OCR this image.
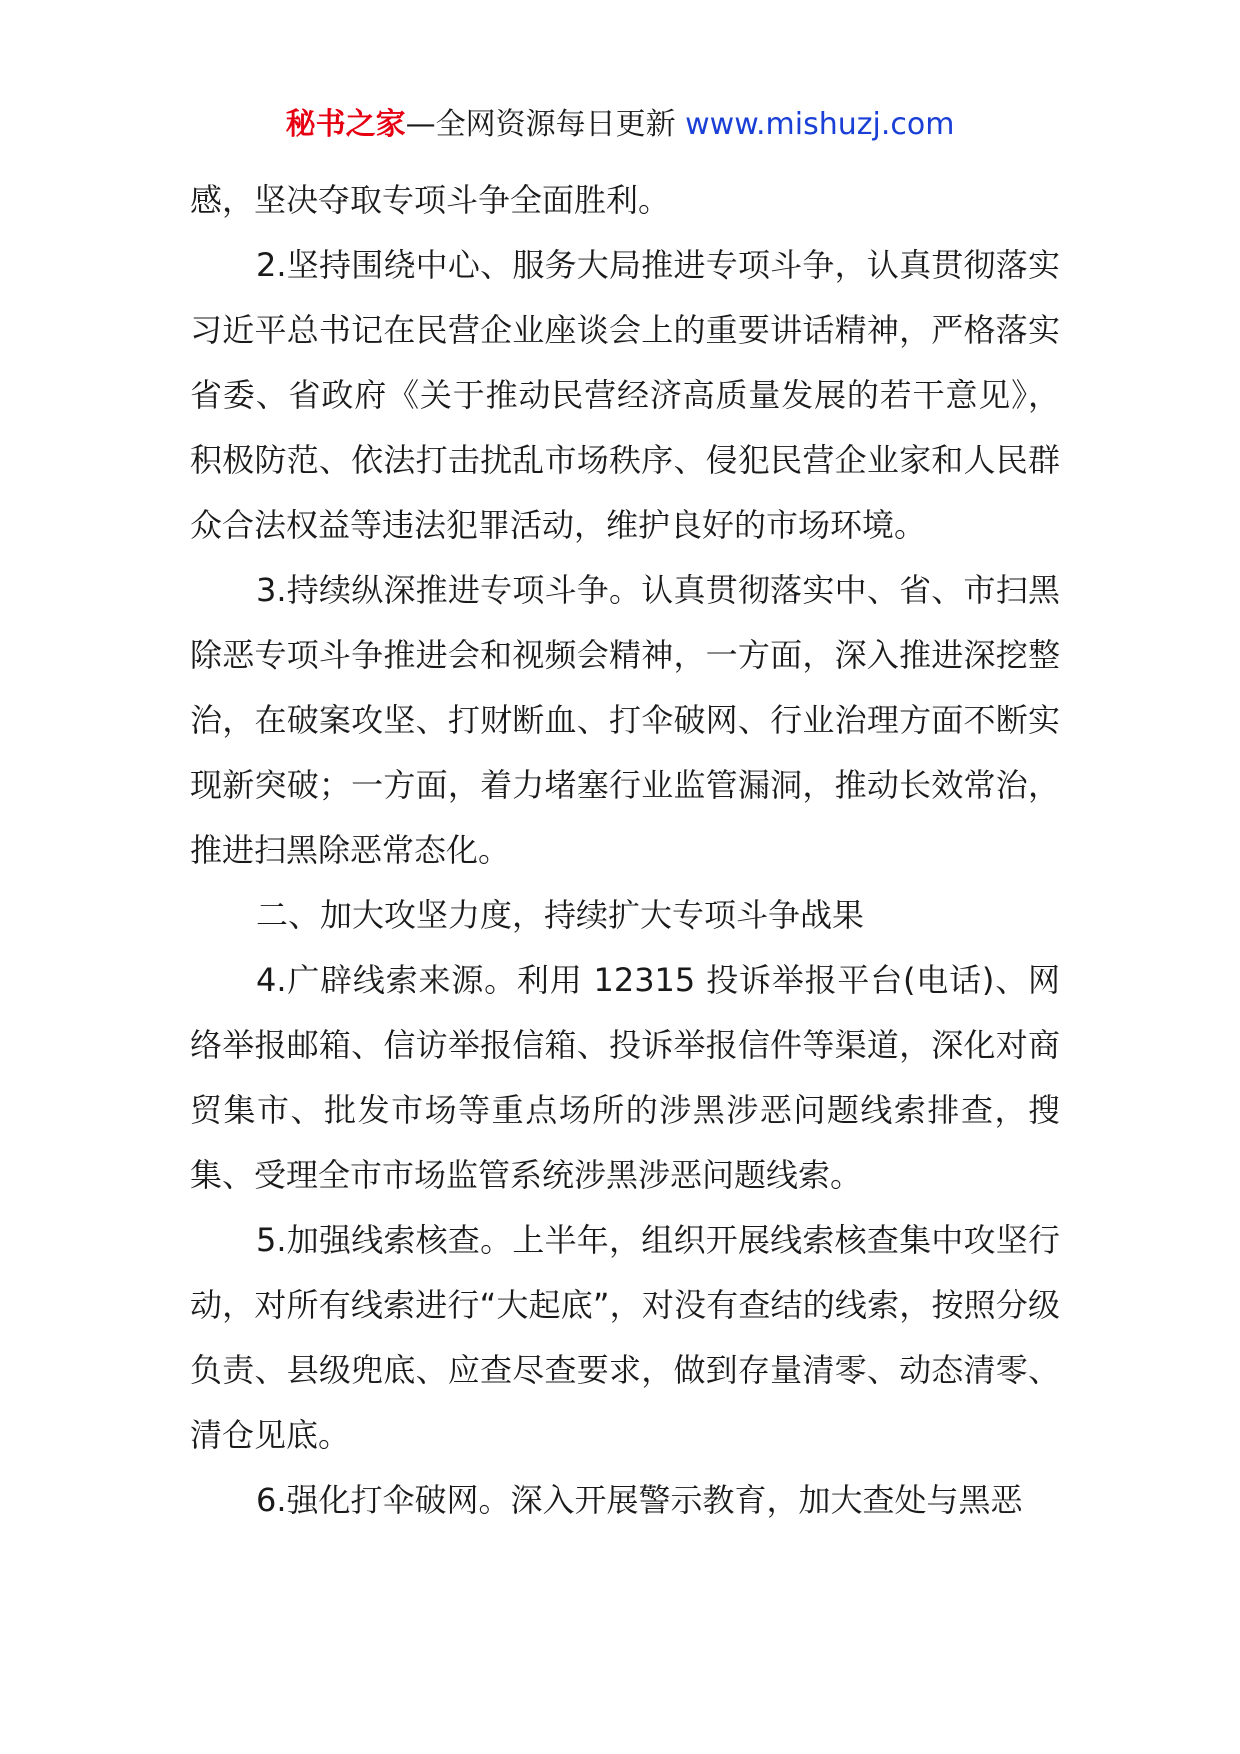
秘书之家—全网资源每日更新 www.mishuzj.com

感，坚决夺取专项斗争全面胜利。

2.坚持围绕中心、服务大局推进专项斗争，认真贯彻落实习近平总书记在民营企业座谈会上的重要讲话精神，严格落实省委、省政府《关于推动民营经济高质量发展的若干意见》，积极防范、依法打击扰乱市场秩序、侵犯民营企业家和人民群众合法权益等违法犯罪活动，维护良好的市场环境。

3.持续纵深推进专项斗争。认真贯彻落实中、省、市扫黑除恶专项斗争推进会和视频会精神，一方面，深入推进深挖整治，在破案攻坚、打财断血、打伞破网、行业治理方面不断实现新突破；一方面，着力堵塞行业监管漏洞，推动长效常治，推进扫黑除恶常态化。

二、加大攻坚力度，持续扩大专项斗争战果

4.广辟线索来源。利用 12315 投诉举报平台(电话)、网络举报邮箱、信访举报信箱、投诉举报信件等渠道，深化对商贸集市、批发市场等重点场所的涉黑涉恶问题线索排查，搜集、受理全市市场监管系统涉黑涉恶问题线索。

5.加强线索核查。上半年，组织开展线索核查集中攻坚行动，对所有线索进行“大起底”，对没有查结的线索，按照分级负责、县级兜底、应查尽查要求，做到存量清零、动态清零、清仓见底。

6.强化打伞破网。深入开展警示教育，加大查处与黑恶
